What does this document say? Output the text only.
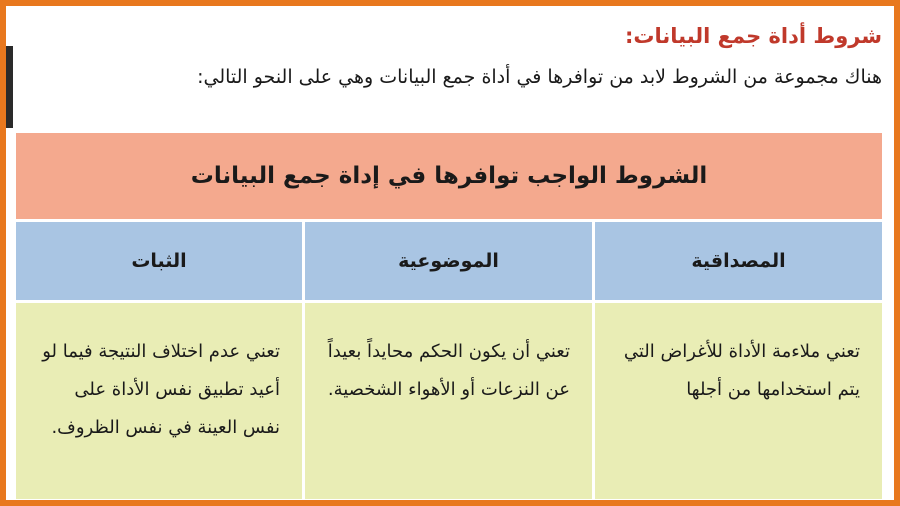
شروط أداة جمع البيانات:
هناك مجموعة من الشروط لابد من توافرها في أداة جمع البيانات وهي على النحو التالي:
الشروط الواجب توافرها في إداة جمع البيانات
المصداقية
الموضوعية
الثبات
تعني ملاءمة الأداة للأغراض التي يتم استخدامها من أجلها
تعني أن يكون الحكم محايداً بعيداً عن النزعات أو الأهواء الشخصية.
تعني عدم اختلاف النتيجة فيما لو أعيد تطبيق نفس الأداة على نفس العينة في نفس الظروف.
